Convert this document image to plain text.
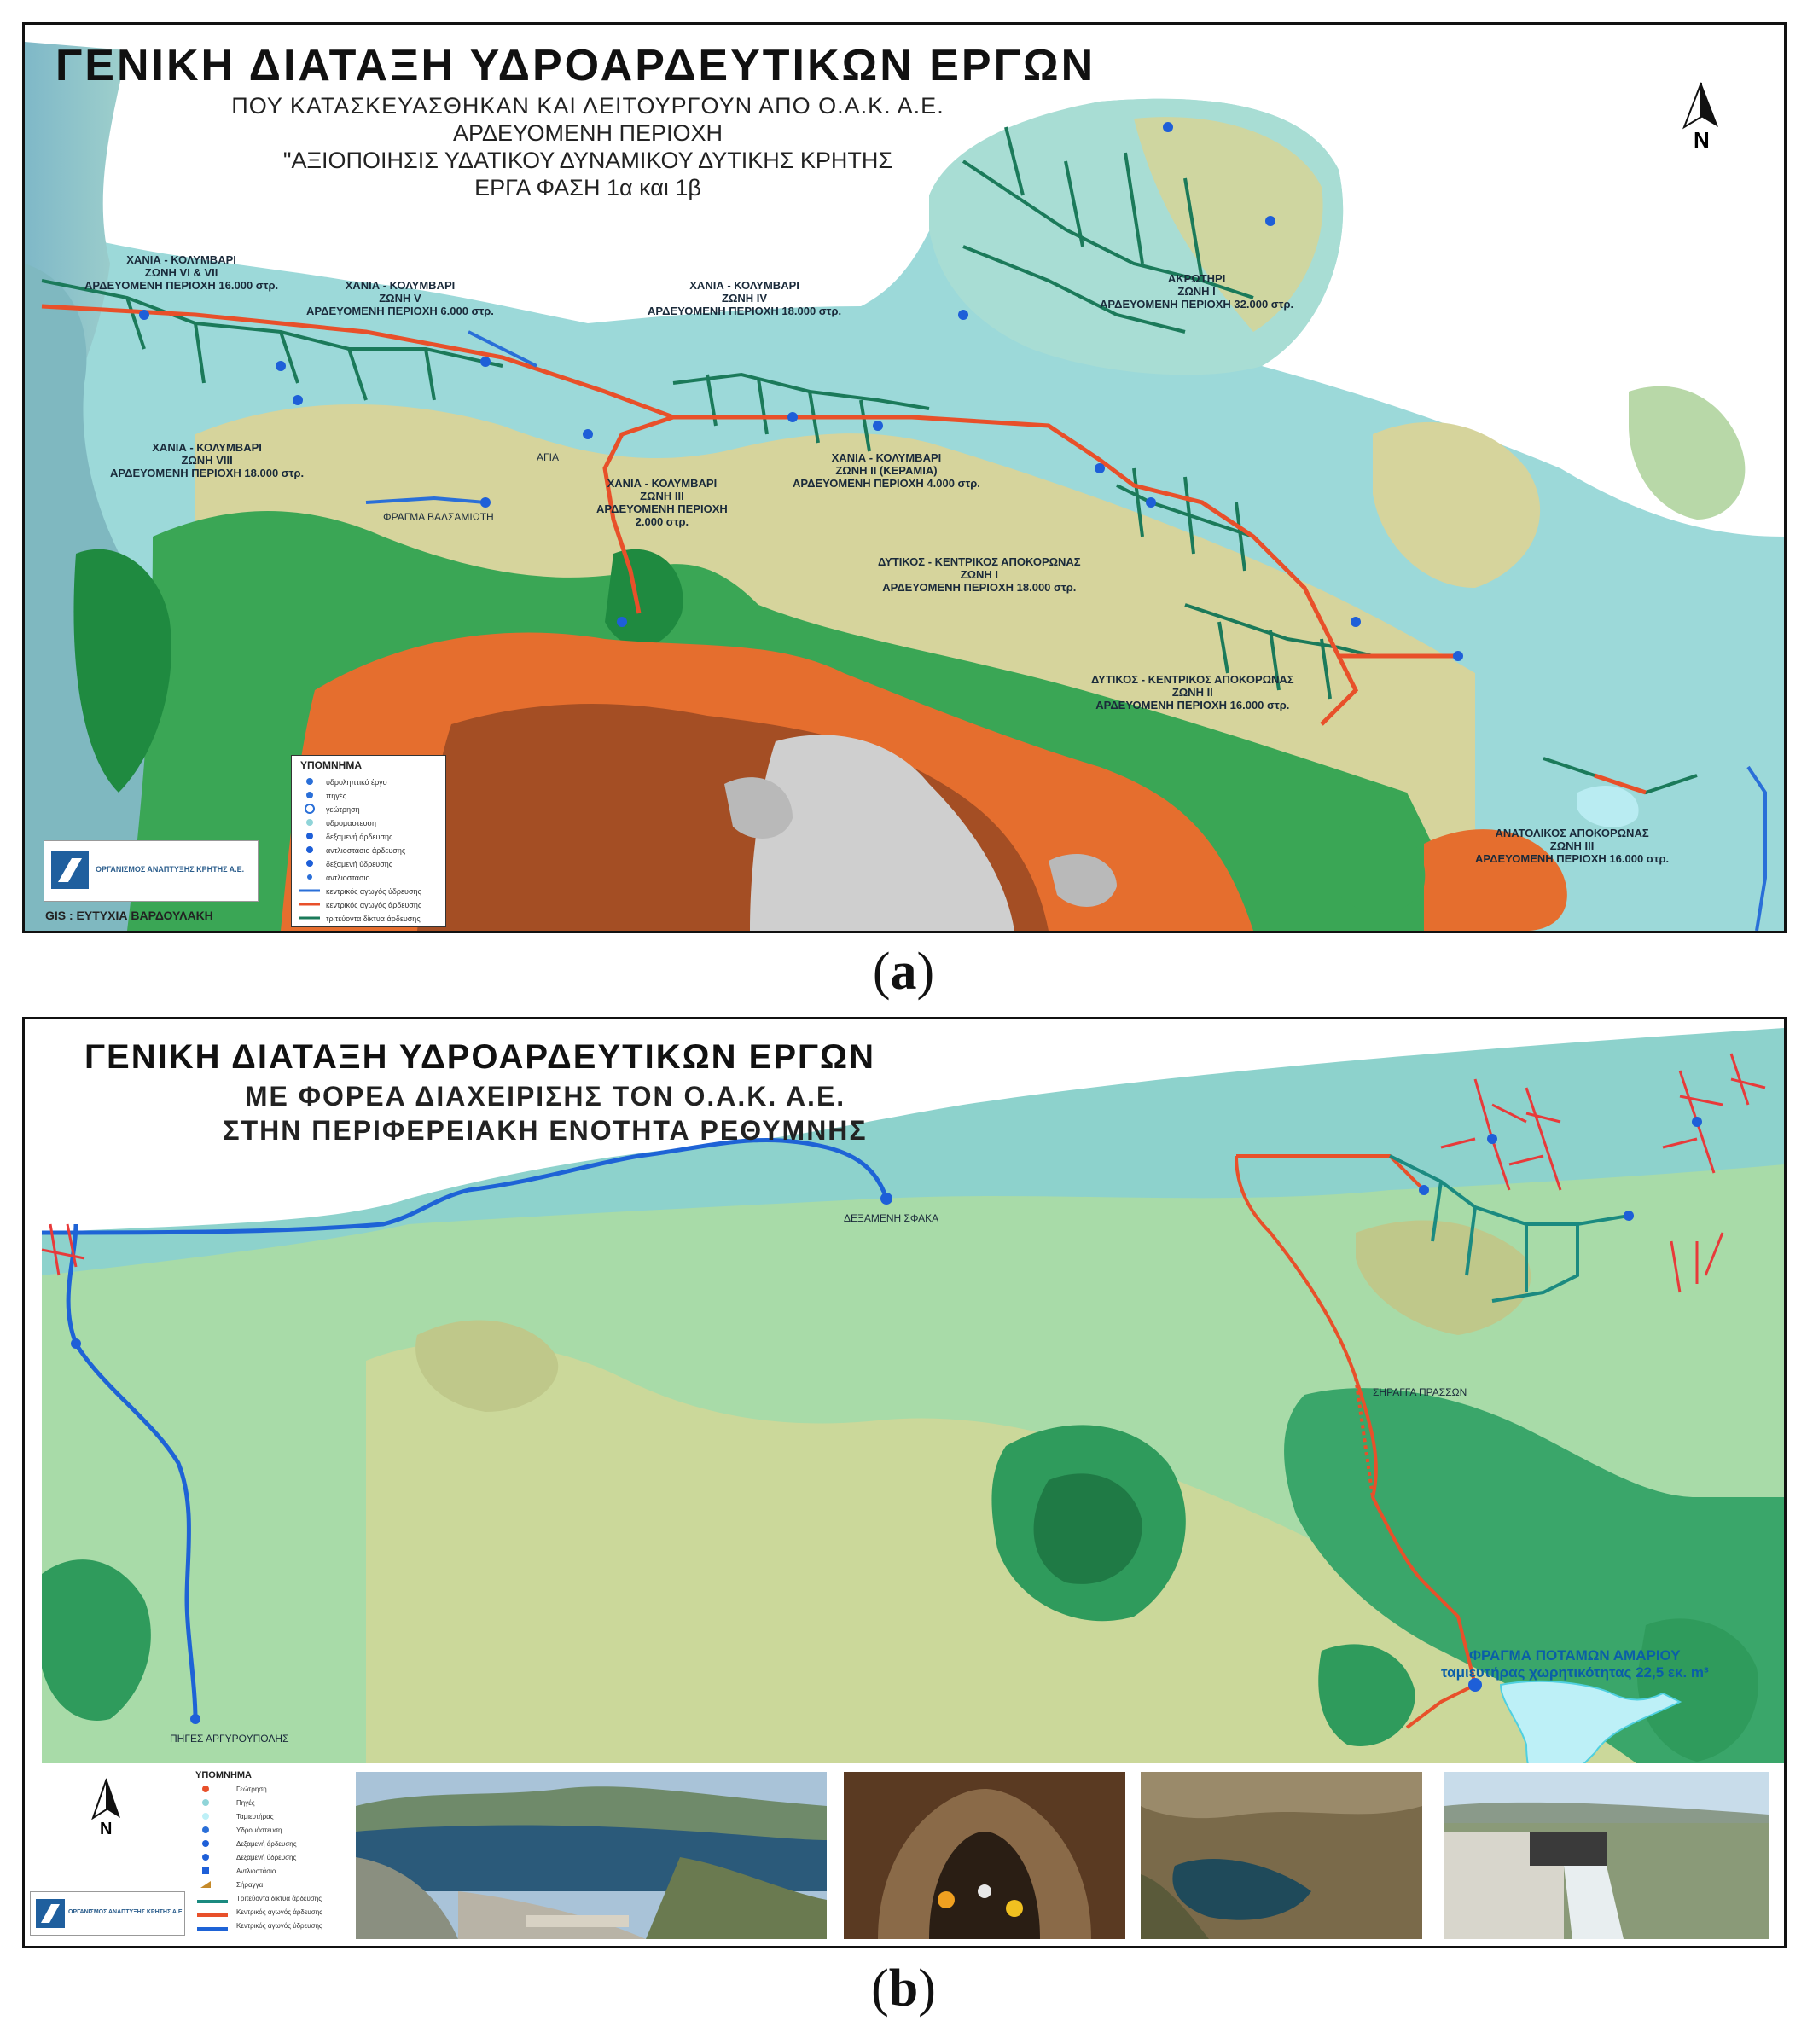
ΓΕΝΙΚΗ ΔΙΑΤΑΞΗ ΥΔΡΟΑΡΔΕΥΤΙΚΩΝ ΕΡΓΩΝ
ΠΟΥ ΚΑΤΑΣΚΕΥΑΣΘΗΚΑΝ ΚΑΙ ΛΕΙΤΟΥΡΓΟΥΝ ΑΠΟ Ο.Α.Κ. Α.Ε.
ΑΡΔΕΥΟΜΕΝΗ ΠΕΡΙΟΧΗ
"ΑΞΙΟΠΟΙΗΣΙΣ ΥΔΑΤΙΚΟΥ ΔΥΝΑΜΙΚΟΥ ΔΥΤΙΚΗΣ ΚΡΗΤΗΣ
ΕΡΓΑ ΦΑΣΗ 1α και 1β
N
ΧΑΝΙΑ - ΚΟΛΥΜΒΑΡΙ
ΖΩΝΗ VI & VII
ΑΡΔΕΥΟΜΕΝΗ ΠΕΡΙΟΧΗ 16.000 στρ.	ΧΑΝΙΑ - ΚΟΛΥΜΒΑΡΙ
ΖΩΝΗ V
ΑΡΔΕΥΟΜΕΝΗ ΠΕΡΙΟΧΗ 6.000 στρ.
ΧΑΝΙΑ - ΚΟΛΥΜΒΑΡΙ
ΖΩΝΗ IV
ΑΡΔΕΥΟΜΕΝΗ ΠΕΡΙΟΧΗ 18.000 στρ.
ΑΚΡΩΤΗΡΙ
ΖΩΝΗ I
ΑΡΔΕΥΟΜΕΝΗ ΠΕΡΙΟΧΗ 32.000 στρ.
ΧΑΝΙΑ - ΚΟΛΥΜΒΑΡΙ
ΖΩΝΗ VIII
ΑΡΔΕΥΟΜΕΝΗ ΠΕΡΙΟΧΗ 18.000 στρ.
ΧΑΝΙΑ - ΚΟΛΥΜΒΑΡΙ
ΖΩΝΗ III
ΑΡΔΕΥΟΜΕΝΗ ΠΕΡΙΟΧΗ
2.000 στρ.
ΧΑΝΙΑ - ΚΟΛΥΜΒΑΡΙ
ΖΩΝΗ II (ΚΕΡΑΜΙΑ)
ΑΡΔΕΥΟΜΕΝΗ ΠΕΡΙΟΧΗ 4.000 στρ.
ΔΥΤΙΚΟΣ - ΚΕΝΤΡΙΚΟΣ ΑΠΟΚΟΡΩΝΑΣ
ΖΩΝΗ I
ΑΡΔΕΥΟΜΕΝΗ ΠΕΡΙΟΧΗ 18.000 στρ.
ΔΥΤΙΚΟΣ - ΚΕΝΤΡΙΚΟΣ ΑΠΟΚΟΡΩΝΑΣ
ΖΩΝΗ II
ΑΡΔΕΥΟΜΕΝΗ ΠΕΡΙΟΧΗ 16.000 στρ.
ΑΝΑΤΟΛΙΚΟΣ ΑΠΟΚΟΡΩΝΑΣ
ΖΩΝΗ III
ΑΡΔΕΥΟΜΕΝΗ ΠΕΡΙΟΧΗ 16.000 στρ.
ΑΓΙΑ
ΦΡΑΓΜΑ ΒΑΛΣΑΜΙΩΤΗ
ΥΠΟΜΝΗΜΑ
υδροληπτικό έργο
πηγές
γεώτρηση
υδρομαστευση
δεξαμενή άρδευσης
αντλιοστάσιο άρδευσης
δεξαμενή ύδρευσης
αντλιοστάσιο
κεντρικός αγωγός ύδρευσης
κεντρικός αγωγός άρδευσης
τριτεύοντα δίκτυα άρδευσης
ΟΡΓΑΝΙΣΜΟΣ ΑΝΑΠΤΥΞΗΣ ΚΡΗΤΗΣ Α.Ε.
GIS : ΕΥΤΥΧΙΑ ΒΑΡΔΟΥΛΑΚΗ
(a)
ΓΕΝΙΚΗ ΔΙΑΤΑΞΗ ΥΔΡΟΑΡΔΕΥΤΙΚΩΝ ΕΡΓΩΝ
ΜΕ ΦΟΡΕΑ ΔΙΑΧΕΙΡΙΣΗΣ ΤΟΝ Ο.Α.Κ. Α.Ε.
ΣΤΗΝ ΠΕΡΙΦΕΡΕΙΑΚΗ ΕΝΟΤΗΤΑ ΡΕΘΥΜΝΗΣ
ΔΕΞΑΜΕΝΗ ΣΦΑΚΑ
ΠΗΓΕΣ ΑΡΓΥΡΟΥΠΟΛΗΣ
ΣΗΡΑΓΓΑ ΠΡΑΣΣΩΝ
ΦΡΑΓΜΑ ΠΟΤΑΜΩΝ ΑΜΑΡΙΟΥ
ταμιευτήρας χωρητικότητας 22,5 εκ. m³
N
ΟΡΓΑΝΙΣΜΟΣ ΑΝΑΠΤΥΞΗΣ ΚΡΗΤΗΣ Α.Ε.
ΥΠΟΜΝΗΜΑ
Γεώτρηση
Πηγές
Ταμιευτήρας
Υδρομάστευση
Δεξαμενή άρδευσης
Δεξαμενή ύδρευσης
Αντλιοστάσιο
Σήραγγα
Τριτεύοντα δίκτυα άρδευσης
Κεντρικός αγωγός άρδευσης
Κεντρικός αγωγός ύδρευσης
(b)
